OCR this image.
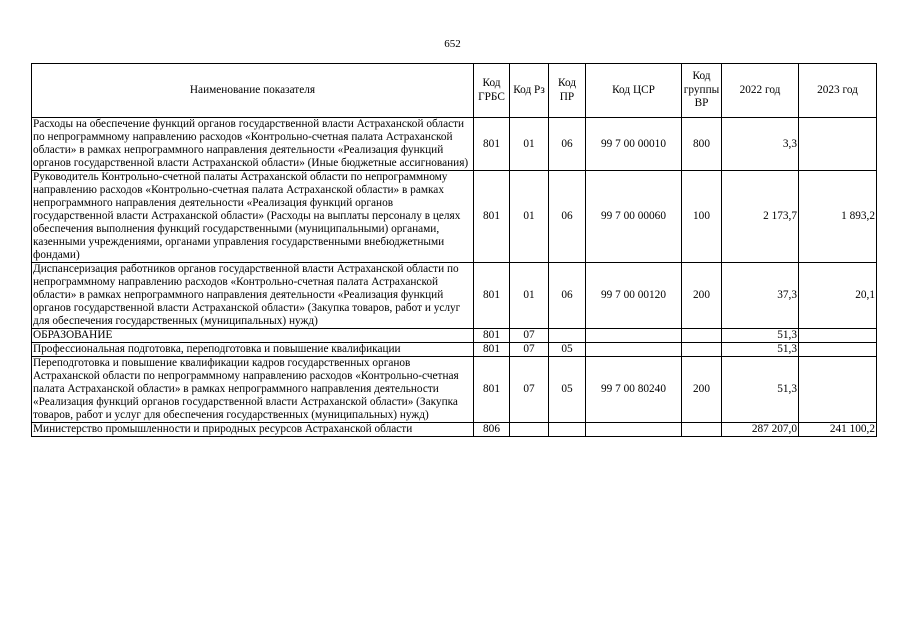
652
Наименование показателя	Код ГРБС	Код Рз	Код ПР	Код ЦСР	Код группы ВР	2022 год	2023 год
Расходы на обеспечение функций органов государственной власти Астраханской области по непрограммному направлению расходов «Контрольно-счетная палата Астраханской области» в рамках непрограммного направления деятельности «Реализация функций органов государственной власти Астраханской области» (Иные бюджетные ассигнования)	801	01	06	99 7 00 00010	800	3,3	
Руководитель Контрольно-счетной палаты Астраханской области по непрограммному направлению расходов «Контрольно-счетная палата Астраханской области» в рамках непрограммного направления деятельности «Реализация функций органов государственной власти Астраханской области» (Расходы на выплаты персоналу в целях обеспечения выполнения функций государственными (муниципальными) органами, казенными учреждениями, органами управления государственными внебюджетными фондами)	801	01	06	99 7 00 00060	100	2 173,7	1 893,2
Диспансеризация работников органов государственной власти Астраханской области по непрограммному направлению расходов «Контрольно-счетная палата Астраханской области» в рамках непрограммного направления деятельности «Реализация функций органов государственной власти Астраханской области» (Закупка товаров, работ и услуг для обеспечения государственных (муниципальных) нужд)	801	01	06	99 7 00 00120	200	37,3	20,1
ОБРАЗОВАНИЕ	801	07				51,3	
Профессиональная подготовка, переподготовка и повышение квалификации	801	07	05			51,3	
Переподготовка и повышение квалификации кадров государственных органов Астраханской области по непрограммному направлению расходов «Контрольно-счетная палата Астраханской области» в рамках непрограммного направления деятельности «Реализация функций органов государственной власти Астраханской области» (Закупка товаров, работ и услуг для обеспечения государственных (муниципальных) нужд)	801	07	05	99 7 00 80240	200	51,3	
Министерство промышленности и природных ресурсов Астраханской области	806					287 207,0	241 100,2
